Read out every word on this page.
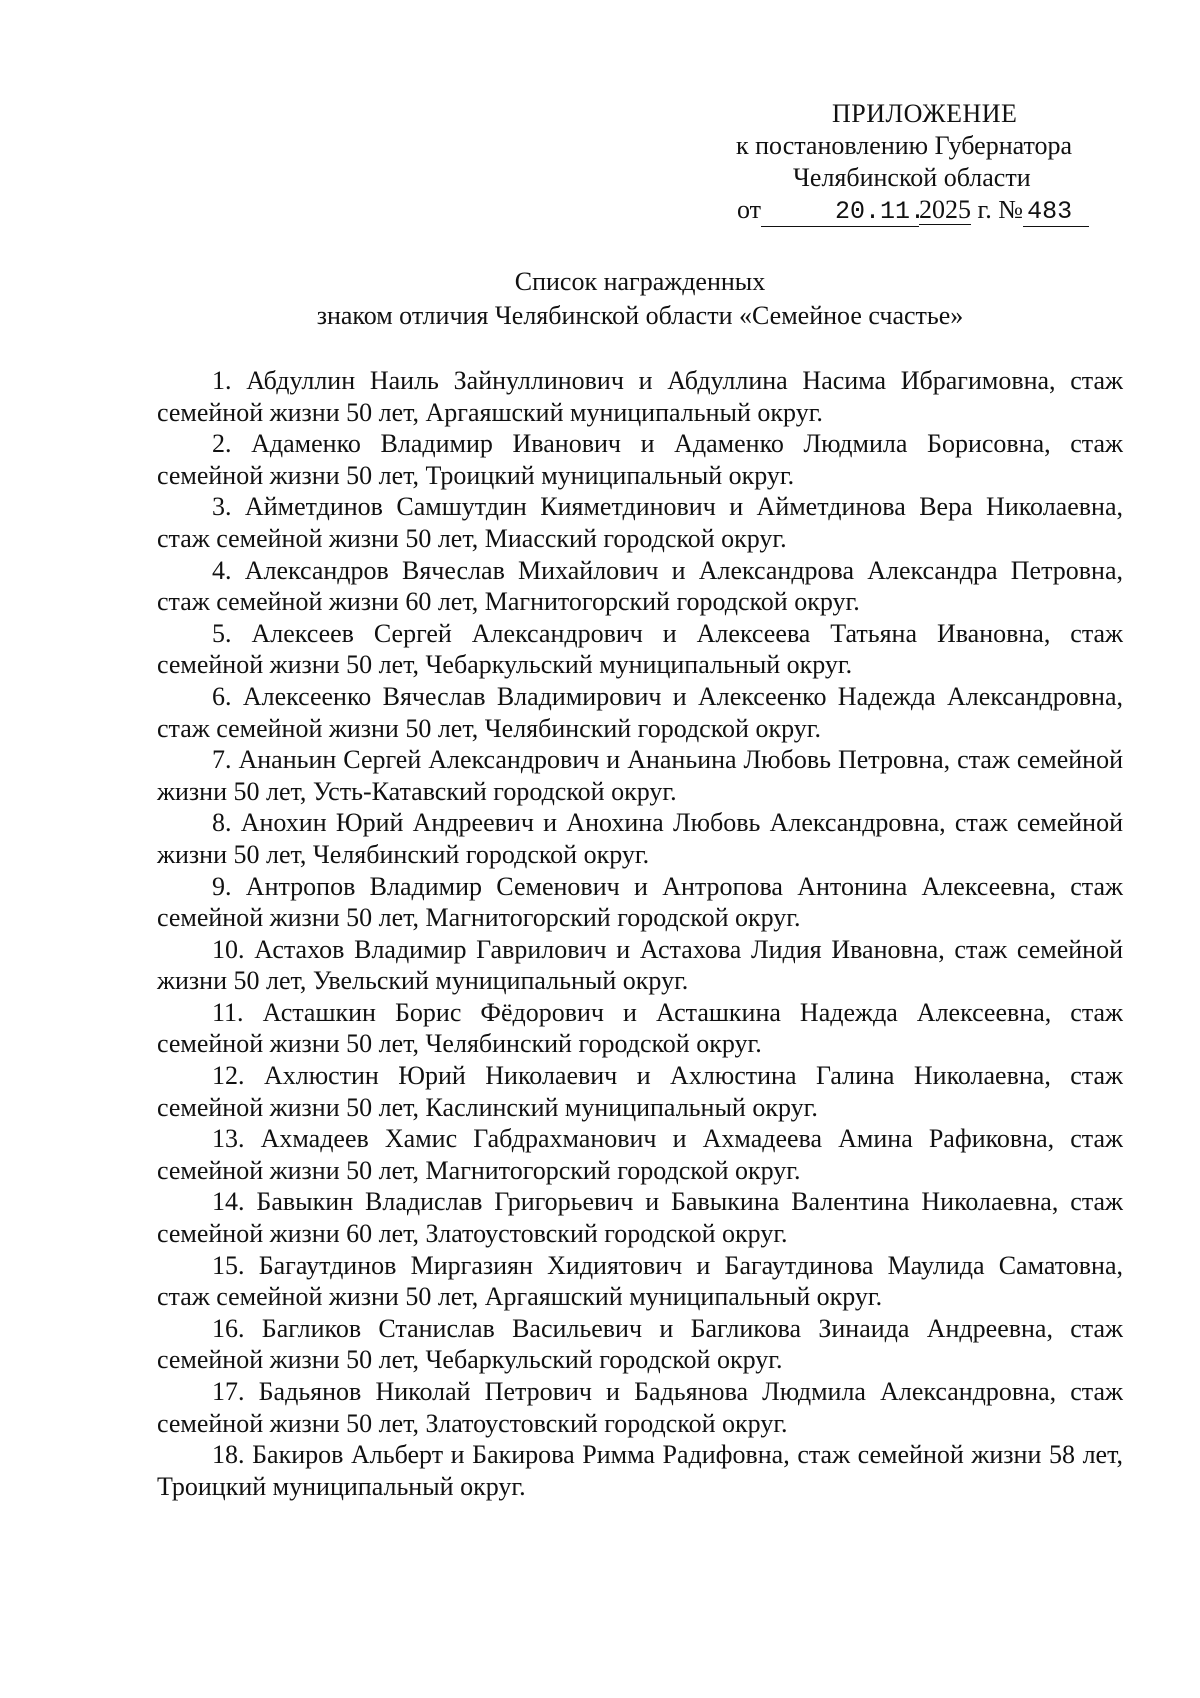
ПРИЛОЖЕНИЕ
к постановлению Губернатора
Челябинской области
от	20.11.2025 г. № 483
Список награжденных
знаком отличия Челябинской области «Семейное счастье»

1. Абдуллин Наиль Зайнуллинович и Абдуллина Насима Ибрагимовна, стаж семейной жизни 50 лет, Аргаяшский муниципальный округ.

2. Адаменко Владимир Иванович и Адаменко Людмила Борисовна, стаж семейной жизни 50 лет, Троицкий муниципальный округ.

3. Айметдинов Самшутдин Кияметдинович и Айметдинова Вера Николаевна, стаж семейной жизни 50 лет, Миасский городской округ.

4. Александров Вячеслав Михайлович и Александрова Александра Петровна, стаж семейной жизни 60 лет, Магнитогорский городской округ.

5. Алексеев Сергей Александрович и Алексеева Татьяна Ивановна, стаж семейной жизни 50 лет, Чебаркульский муниципальный округ.

6. Алексеенко Вячеслав Владимирович и Алексеенко Надежда Александровна, стаж семейной жизни 50 лет, Челябинский городской округ.

7. Ананьин Сергей Александрович и Ананьина Любовь Петровна, стаж семейной жизни 50 лет, Усть-Катавский городской округ.

8. Анохин Юрий Андреевич и Анохина Любовь Александровна, стаж семейной жизни 50 лет, Челябинский городской округ.

9. Антропов Владимир Семенович и Антропова Антонина Алексеевна, стаж семейной жизни 50 лет, Магнитогорский городской округ.

10. Астахов Владимир Гаврилович и Астахова Лидия Ивановна, стаж семейной жизни 50 лет, Увельский муниципальный округ.

11. Асташкин Борис Фёдорович и Асташкина Надежда Алексеевна, стаж семейной жизни 50 лет, Челябинский городской округ.

12. Ахлюстин Юрий Николаевич и Ахлюстина Галина Николаевна, стаж семейной жизни 50 лет, Каслинский муниципальный округ.

13. Ахмадеев Хамис Габдрахманович и Ахмадеева Амина Рафиковна, стаж семейной жизни 50 лет, Магнитогорский городской округ.

14. Бавыкин Владислав Григорьевич и Бавыкина Валентина Николаевна, стаж семейной жизни 60 лет, Златоустовский городской округ.

15. Багаутдинов Миргазиян Хидиятович и Багаутдинова Маулида Саматовна, стаж семейной жизни 50 лет, Аргаяшский муниципальный округ.

16. Багликов Станислав Васильевич и Багликова Зинаида Андреевна, стаж семейной жизни 50 лет, Чебаркульский городской округ.

17. Бадьянов Николай Петрович и Бадьянова Людмила Александровна, стаж семейной жизни 50 лет, Златоустовский городской округ.

18. Бакиров Альберт и Бакирова Римма Радифовна, стаж семейной жизни 58 лет, Троицкий муниципальный округ.
